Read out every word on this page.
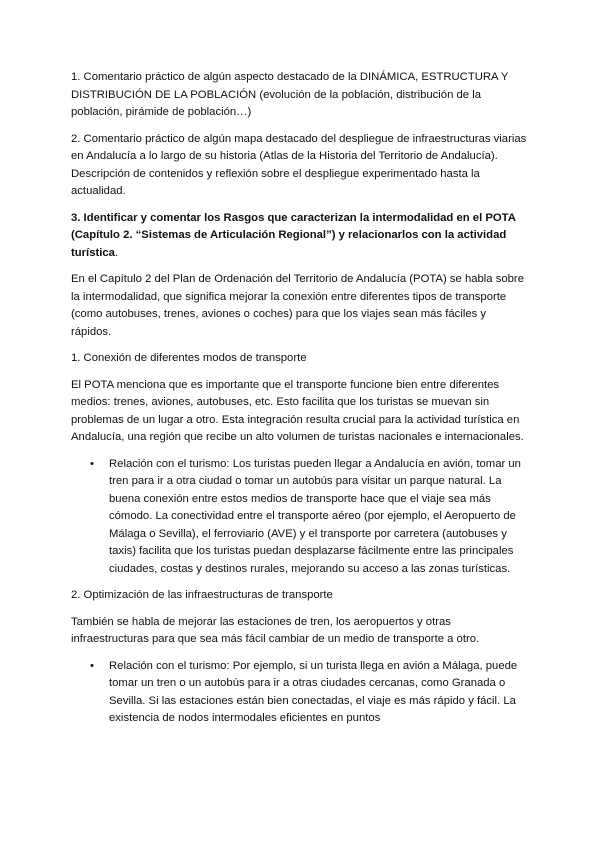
1. Comentario práctico de algún aspecto destacado de la DINÁMICA, ESTRUCTURA Y DISTRIBUCIÓN DE LA POBLACIÓN (evolución de la población, distribución de la población, pirámide de población…)

2. Comentario práctico de algún mapa destacado del despliegue de infraestructuras viarias en Andalucía a lo largo de su historia (Atlas de la Historia del Territorio de Andalucía). Descripción de contenidos y reflexión sobre el despliegue experimentado hasta la actualidad.

3. Identificar y comentar los Rasgos que caracterizan la intermodalidad en el POTA (Capítulo 2. “Sistemas de Articulación Regional”) y relacionarlos con la actividad turística.

En el Capítulo 2 del Plan de Ordenación del Territorio de Andalucía (POTA) se habla sobre la intermodalidad, que significa mejorar la conexión entre diferentes tipos de transporte (como autobuses, trenes, aviones o coches) para que los viajes sean más fáciles y rápidos.

1. Conexión de diferentes modos de transporte

El POTA menciona que es importante que el transporte funcione bien entre diferentes medios: trenes, aviones, autobuses, etc. Esto facilita que los turistas se muevan sin problemas de un lugar a otro. Esta integración resulta crucial para la actividad turística en Andalucía, una región que recibe un alto volumen de turistas nacionales e internacionales.

• Relación con el turismo: Los turistas pueden llegar a Andalucía en avión, tomar un tren para ir a otra ciudad o tomar un autobús para visitar un parque natural. La buena conexión entre estos medios de transporte hace que el viaje sea más cómodo. La conectividad entre el transporte aéreo (por ejemplo, el Aeropuerto de Málaga o Sevilla), el ferroviario (AVE) y el transporte por carretera (autobuses y taxis) facilita que los turistas puedan desplazarse fácilmente entre las principales ciudades, costas y destinos rurales, mejorando su acceso a las zonas turísticas.

2. Optimización de las infraestructuras de transporte

También se habla de mejorar las estaciones de tren, los aeropuertos y otras infraestructuras para que sea más fácil cambiar de un medio de transporte a otro.

• Relación con el turismo: Por ejemplo, si un turista llega en avión a Málaga, puede tomar un tren o un autobús para ir a otras ciudades cercanas, como Granada o Sevilla. Si las estaciones están bien conectadas, el viaje es más rápido y fácil. La existencia de nodos intermodales eficientes en puntos
